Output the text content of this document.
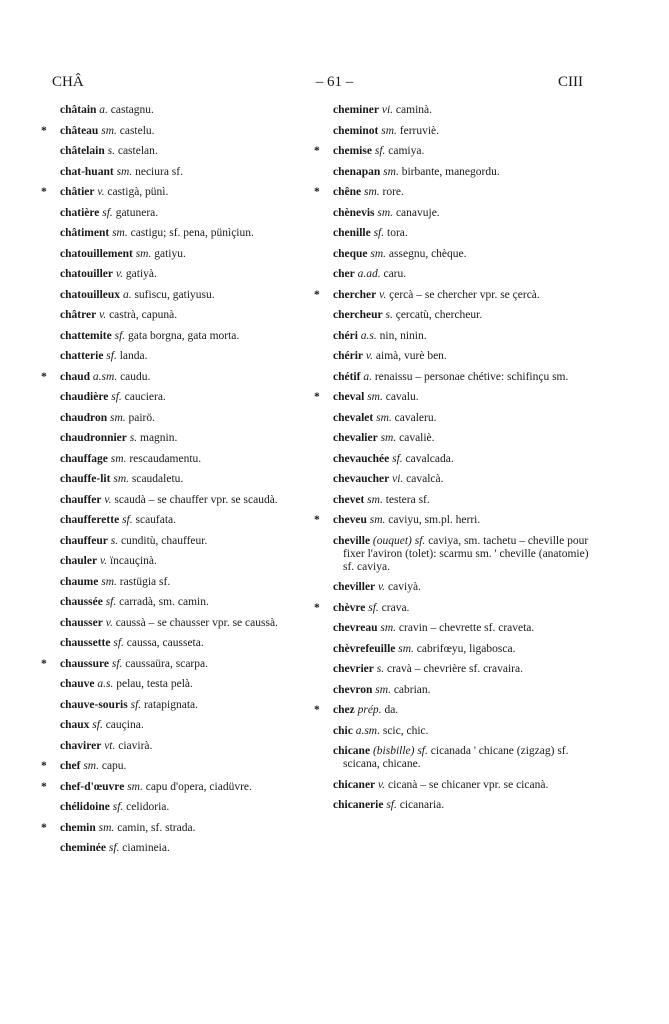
CHÂ	– 61 –	CIII
châtain a. castagnu.
*	château sm. castelu.
châtelain s. castelan.
chat-huant sm. neciura sf.
*	châtier v. castigà, pünì.
chatière sf. gatunera.
châtiment sm. castigu; sf. pena, pünìçiun.
chatouillement sm. gatiyu.
chatouiller v. gatiyà.
chatouilleux a. sufiscu, gatiyusu.
châtrer v. castrà, capunà.
chattemite sf. gata borgna, gata morta.
chatterie sf. landa.
*	chaud a.sm. caudu.
chaudière sf. cauciera.
chaudron sm. pairö.
chaudronnier s. magnin.
chauffage sm. rescaudamentu.
chauffe-lit sm. scaudaletu.
chauffer v. scaudà – se chauffer vpr. se scaudà.
chaufferette sf. scaufata.
chauffeur s. cunditù, chauffeur.
chauler v. ïncauçinà.
chaume sm. rastügia sf.
chaussée sf. carradà, sm. camin.
chausser v. caussà – se chausser vpr. se caussà.
chaussette sf. caussa, causseta.
*	chaussure sf. caussaüra, scarpa.
chauve a.s. pelau, testa pelà.
chauve-souris sf. ratapignata.
chaux sf. cauçina.
chavirer vt. ciavirà.
*	chef sm. capu.
*	chef-d'œuvre sm. capu d'opera, ciadüvre.
chélidoine sf. celidoria.
*	chemin sm. camin, sf. strada.
cheminée sf. ciamineia.
cheminer vi. caminà.
cheminot sm. ferruviè.
*	chemise sf. camiya.
chenapan sm. birbante, manegordu.
*	chêne sm. rore.
chènevis sm. canavuje.
chenille sf. tora.
cheque sm. assegnu, chèque.
cher a.ad. caru.
*	chercher v. çercà – se chercher vpr. se çercà.
chercheur s. çercatù, chercheur.
chéri a.s. nin, ninin.
chérir v. aimà, vurè ben.
chétif a. renaissu – personae chétive: schifinçu sm.
*	cheval sm. cavalu.
chevalet sm. cavaleru.
chevalier sm. cavaliè.
chevauchée sf. cavalcada.
chevaucher vi. cavalcà.
chevet sm. testera sf.
*	cheveu sm. caviyu, sm.pl. herri.
cheville (ouquet) sf. caviya, sm. tachetu – cheville pour fixer l'aviron (tolet): scarmu sm. ' cheville (anatomie) sf. caviya.
cheviller v. caviyà.
*	chèvre sf. crava.
chevreau sm. cravin – chevrette sf. craveta.
chèvrefeuille sm. cabrifœyu, ligabosca.
chevrier s. cravà – chevrière sf. cravaira.
chevron sm. cabrian.
*	chez prép. da.
chic a.sm. scic, chic.
chicane (bisbille) sf. cicanada ' chicane (zigzag) sf. scicana, chicane.
chicaner v. cicanà – se chicaner vpr. se cicanà.
chicanerie sf. cicanaria.
